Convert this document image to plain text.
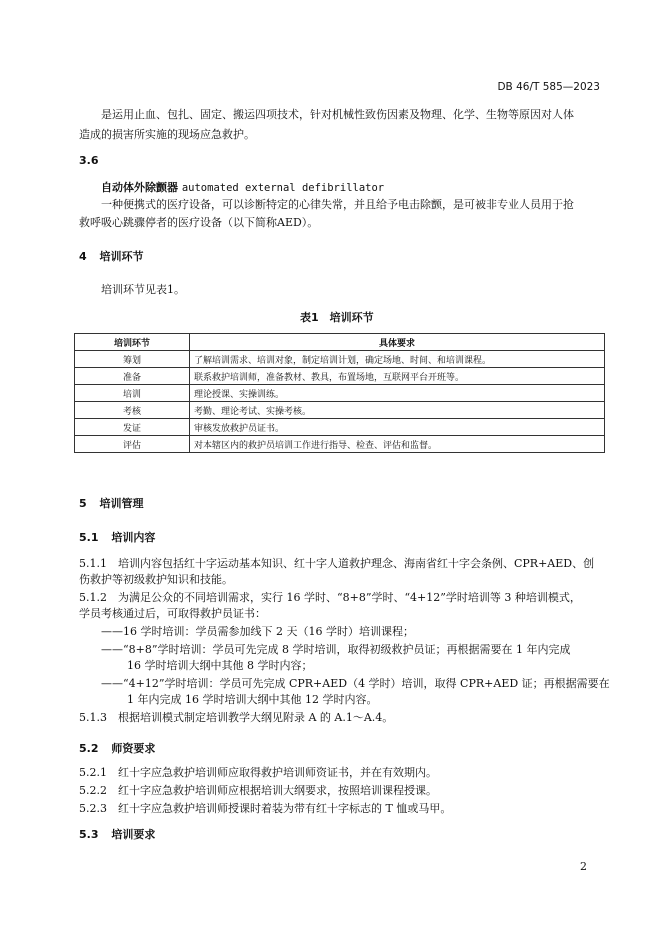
DB 46/T 585—2023
是运用止血、包扎、固定、搬运四项技术，针对机械性致伤因素及物理、化学、生物等原因对人体
造成的损害所实施的现场应急救护。
3.6
自动体外除颤器 automated external defibrillator
一种便携式的医疗设备，可以诊断特定的心律失常，并且给予电击除颤，是可被非专业人员用于抢
救呼吸心跳骤停者的医疗设备（以下简称AED）。
4 培训环节
培训环节见表1。
表1　培训环节
培训环节	具体要求
筹划	了解培训需求、培训对象，制定培训计划，确定场地、时间、和培训课程。
准备	联系救护培训师，准备教材、教具，布置场地，互联网平台开班等。
培训	理论授课、实操训练。
考核	考勤、理论考试、实操考核。
发证	审核发放救护员证书。
评估	对本辖区内的救护员培训工作进行指导、检查、评估和监督。
5 培训管理
5.1 培训内容
5.1.1　培训内容包括红十字运动基本知识、红十字人道救护理念、海南省红十字会条例、CPR+AED、创
伤救护等初级救护知识和技能。
5.1.2　为满足公众的不同培训需求，实行 16 学时、“8+8”学时、“4+12”学时培训等 3 种培训模式，
学员考核通过后，可取得救护员证书：
——16 学时培训：学员需参加线下 2 天（16 学时）培训课程；
——“8+8”学时培训：学员可先完成 8 学时培训，取得初级救护员证；再根据需要在 1 年内完成
16 学时培训大纲中其他 8 学时内容；
——“4+12”学时培训：学员可先完成 CPR+AED（4 学时）培训，取得 CPR+AED 证；再根据需要在
1 年内完成 16 学时培训大纲中其他 12 学时内容。
5.1.3　根据培训模式制定培训教学大纲见附录 A 的 A.1～A.4。
5.2 师资要求
5.2.1　红十字应急救护培训师应取得救护培训师资证书，并在有效期内。
5.2.2　红十字应急救护培训师应根据培训大纲要求，按照培训课程授课。
5.2.3　红十字应急救护培训师授课时着装为带有红十字标志的 T 恤或马甲。
5.3 培训要求
2
